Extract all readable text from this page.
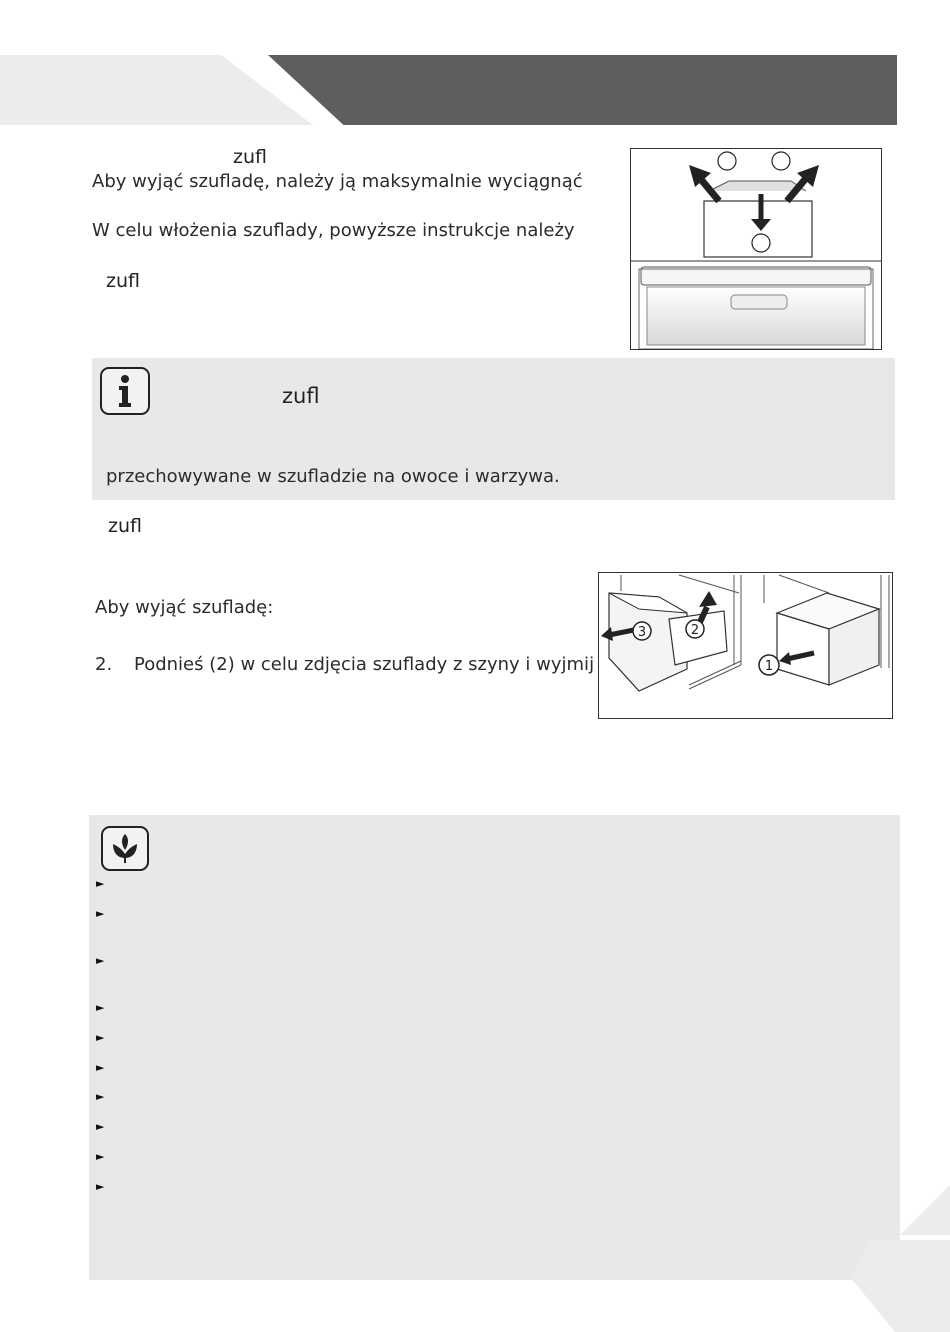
zufl
Aby wyjąć szufladę, należy ją maksymalnie wyciągnąć
W celu włożenia szuflady, powyższe instrukcje należy
zufl
zufl
przechowywane w szufladzie na owoce i warzywa.
zufl
Aby wyjąć szufladę:
2. Podnieś (2) w celu zdjęcia szuflady z szyny i wyjmij
3	2
1
►
►
►
►
►
►
►
►
►
►
